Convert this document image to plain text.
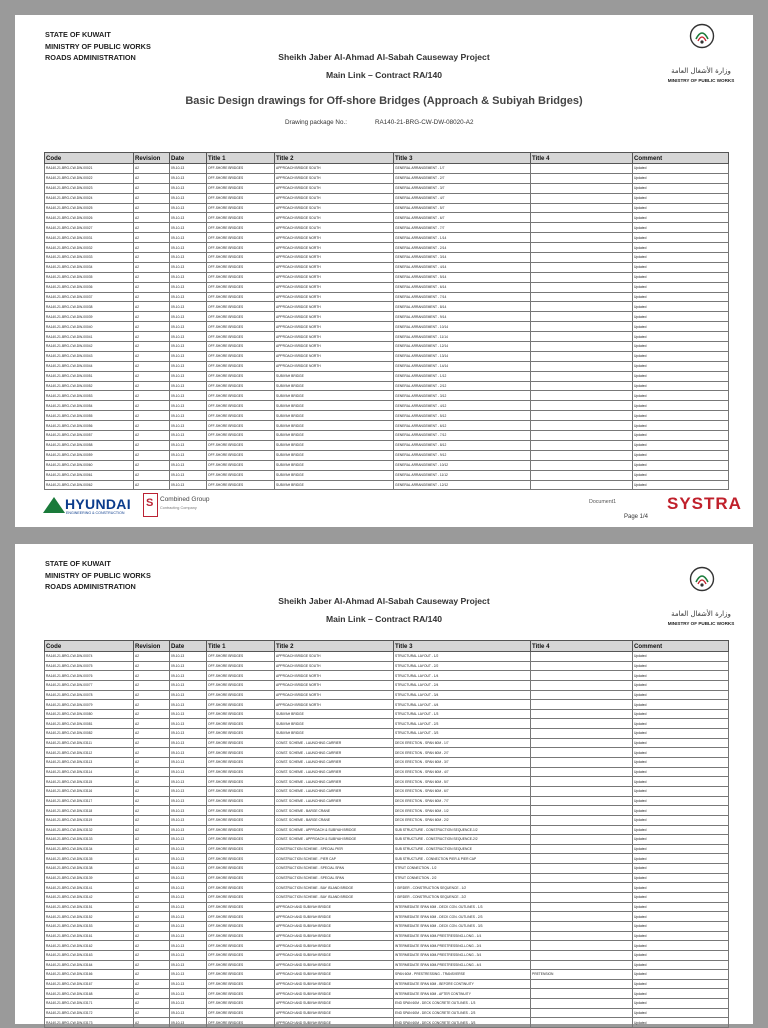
STATE OF KUWAIT
MINISTRY OF PUBLIC WORKS
ROADS ADMINISTRATION	Sheikh Jaber Al-Ahmad Al-Sabah Causeway Project
Main Link – Contract RA/140	وزارة الأشغال العامة
MINISTRY OF PUBLIC WORKS
Basic Design drawings for Off-shore Bridges (Approach & Subiyah Bridges)
Drawing package No.:	RA140-21-BRG-CW-DW-08020-A2
Code	Revision	Date	Title 1	Title 2	Title 3	Title 4	Comment
RA140-21-BRG-CW-DW-00021	A2	09-10-13	OFF-SHORE BRIDGES	APPROACH BRIDGE SOUTH	GENERAL ARRANGEMENT - 1/7		Updated
RA140-21-BRG-CW-DW-00022	A2	09-10-13	OFF-SHORE BRIDGES	APPROACH BRIDGE SOUTH	GENERAL ARRANGEMENT - 2/7		Updated
RA140-21-BRG-CW-DW-00023	A2	09-10-13	OFF-SHORE BRIDGES	APPROACH BRIDGE SOUTH	GENERAL ARRANGEMENT - 3/7		Updated
RA140-21-BRG-CW-DW-00024	A2	09-10-13	OFF-SHORE BRIDGES	APPROACH BRIDGE SOUTH	GENERAL ARRANGEMENT - 4/7		Updated
RA140-21-BRG-CW-DW-00025	A2	09-10-13	OFF-SHORE BRIDGES	APPROACH BRIDGE SOUTH	GENERAL ARRANGEMENT - 5/7		Updated
RA140-21-BRG-CW-DW-00026	A2	09-10-13	OFF-SHORE BRIDGES	APPROACH BRIDGE SOUTH	GENERAL ARRANGEMENT - 6/7		Updated
RA140-21-BRG-CW-DW-00027	A2	09-10-13	OFF-SHORE BRIDGES	APPROACH BRIDGE SOUTH	GENERAL ARRANGEMENT - 7/7		Updated
RA140-21-BRG-CW-DW-00031	A2	09-10-13	OFF-SHORE BRIDGES	APPROACH BRIDGE NORTH	GENERAL ARRANGEMENT - 1/14		Updated
RA140-21-BRG-CW-DW-00032	A2	09-10-13	OFF-SHORE BRIDGES	APPROACH BRIDGE NORTH	GENERAL ARRANGEMENT - 2/14		Updated
RA140-21-BRG-CW-DW-00033	A2	09-10-13	OFF-SHORE BRIDGES	APPROACH BRIDGE NORTH	GENERAL ARRANGEMENT - 3/14		Updated
RA140-21-BRG-CW-DW-00034	A2	09-10-13	OFF-SHORE BRIDGES	APPROACH BRIDGE NORTH	GENERAL ARRANGEMENT - 4/14		Updated
RA140-21-BRG-CW-DW-00035	A2	09-10-13	OFF-SHORE BRIDGES	APPROACH BRIDGE NORTH	GENERAL ARRANGEMENT - 5/14		Updated
RA140-21-BRG-CW-DW-00036	A2	09-10-13	OFF-SHORE BRIDGES	APPROACH BRIDGE NORTH	GENERAL ARRANGEMENT - 6/14		Updated
RA140-21-BRG-CW-DW-00037	A2	09-10-13	OFF-SHORE BRIDGES	APPROACH BRIDGE NORTH	GENERAL ARRANGEMENT - 7/14		Updated
RA140-21-BRG-CW-DW-00038	A2	09-10-13	OFF-SHORE BRIDGES	APPROACH BRIDGE NORTH	GENERAL ARRANGEMENT - 8/14		Updated
RA140-21-BRG-CW-DW-00039	A2	09-10-13	OFF-SHORE BRIDGES	APPROACH BRIDGE NORTH	GENERAL ARRANGEMENT - 9/14		Updated
RA140-21-BRG-CW-DW-00040	A2	09-10-13	OFF-SHORE BRIDGES	APPROACH BRIDGE NORTH	GENERAL ARRANGEMENT - 10/14		Updated
RA140-21-BRG-CW-DW-00041	A2	09-10-13	OFF-SHORE BRIDGES	APPROACH BRIDGE NORTH	GENERAL ARRANGEMENT - 11/14		Updated
RA140-21-BRG-CW-DW-00042	A2	09-10-13	OFF-SHORE BRIDGES	APPROACH BRIDGE NORTH	GENERAL ARRANGEMENT - 12/14		Updated
RA140-21-BRG-CW-DW-00043	A2	09-10-13	OFF-SHORE BRIDGES	APPROACH BRIDGE NORTH	GENERAL ARRANGEMENT - 13/14		Updated
RA140-21-BRG-CW-DW-00044	A2	09-10-13	OFF-SHORE BRIDGES	APPROACH BRIDGE NORTH	GENERAL ARRANGEMENT - 14/14		Updated
RA140-21-BRG-CW-DW-00051	A2	09-10-13	OFF-SHORE BRIDGES	SUBIYAH BRIDGE	GENERAL ARRANGEMENT - 1/12		Updated
RA140-21-BRG-CW-DW-00052	A2	09-10-13	OFF-SHORE BRIDGES	SUBIYAH BRIDGE	GENERAL ARRANGEMENT - 2/12		Updated
RA140-21-BRG-CW-DW-00053	A2	09-10-13	OFF-SHORE BRIDGES	SUBIYAH BRIDGE	GENERAL ARRANGEMENT - 3/12		Updated
RA140-21-BRG-CW-DW-00054	A2	09-10-13	OFF-SHORE BRIDGES	SUBIYAH BRIDGE	GENERAL ARRANGEMENT - 4/12		Updated
RA140-21-BRG-CW-DW-00055	A2	09-10-13	OFF-SHORE BRIDGES	SUBIYAH BRIDGE	GENERAL ARRANGEMENT - 5/12		Updated
RA140-21-BRG-CW-DW-00056	A2	09-10-13	OFF-SHORE BRIDGES	SUBIYAH BRIDGE	GENERAL ARRANGEMENT - 6/12		Updated
RA140-21-BRG-CW-DW-00057	A2	09-10-13	OFF-SHORE BRIDGES	SUBIYAH BRIDGE	GENERAL ARRANGEMENT - 7/12		Updated
RA140-21-BRG-CW-DW-00058	A2	09-10-13	OFF-SHORE BRIDGES	SUBIYAH BRIDGE	GENERAL ARRANGEMENT - 8/12		Updated
RA140-21-BRG-CW-DW-00059	A2	09-10-13	OFF-SHORE BRIDGES	SUBIYAH BRIDGE	GENERAL ARRANGEMENT - 9/12		Updated
RA140-21-BRG-CW-DW-00060	A2	09-10-13	OFF-SHORE BRIDGES	SUBIYAH BRIDGE	GENERAL ARRANGEMENT - 10/12		Updated
RA140-21-BRG-CW-DW-00061	A2	09-10-13	OFF-SHORE BRIDGES	SUBIYAH BRIDGE	GENERAL ARRANGEMENT - 11/12		Updated
RA140-21-BRG-CW-DW-00062	A2	09-10-13	OFF-SHORE BRIDGES	SUBIYAH BRIDGE	GENERAL ARRANGEMENT - 12/12		Updated
HYUNDAI
ENGINEERING & CONSTRUCTION
S Combined Group
Contracting Company
Document1
Page 1/4
SYSTRA
STATE OF KUWAIT
MINISTRY OF PUBLIC WORKS
ROADS ADMINISTRATION
Sheikh Jaber Al-Ahmad Al-Sabah Causeway Project
Main Link – Contract RA/140	وزارة الأشغال العامة
MINISTRY OF PUBLIC WORKS
Code	Revision	Date	Title 1	Title 2	Title 3	Title 4	Comment
RA140-21-BRG-CW-DW-00074	A2	09-10-13	OFF-SHORE BRIDGES	APPROACH BRIDGE SOUTH	STRUCTURAL LAYOUT - 1/2		Updated
RA140-21-BRG-CW-DW-00075	A2	09-10-13	OFF-SHORE BRIDGES	APPROACH BRIDGE SOUTH	STRUCTURAL LAYOUT - 2/2		Updated
RA140-21-BRG-CW-DW-00076	A2	09-10-13	OFF-SHORE BRIDGES	APPROACH BRIDGE NORTH	STRUCTURAL LAYOUT - 1/4		Updated
RA140-21-BRG-CW-DW-00077	A2	09-10-13	OFF-SHORE BRIDGES	APPROACH BRIDGE NORTH	STRUCTURAL LAYOUT - 2/4		Updated
RA140-21-BRG-CW-DW-00078	A2	09-10-13	OFF-SHORE BRIDGES	APPROACH BRIDGE NORTH	STRUCTURAL LAYOUT - 3/4		Updated
RA140-21-BRG-CW-DW-00079	A2	09-10-13	OFF-SHORE BRIDGES	APPROACH BRIDGE NORTH	STRUCTURAL LAYOUT - 4/4		Updated
RA140-21-BRG-CW-DW-00080	A2	09-10-13	OFF-SHORE BRIDGES	SUBIYAH BRIDGE	STRUCTURAL LAYOUT - 1/3		Updated
RA140-21-BRG-CW-DW-00081	A2	09-10-13	OFF-SHORE BRIDGES	SUBIYAH BRIDGE	STRUCTURAL LAYOUT - 2/3		Updated
RA140-21-BRG-CW-DW-00082	A2	09-10-13	OFF-SHORE BRIDGES	SUBIYAH BRIDGE	STRUCTURAL LAYOUT - 3/3		Updated
RA140-21-BRG-CW-DW-03111	A2	09-10-13	OFF-SHORE BRIDGES	CONST. SCHEME - LAUNCHING CARRIER	DECK ERECTION - SPAN 60M - 1/7		Updated
RA140-21-BRG-CW-DW-03112	A2	09-10-13	OFF-SHORE BRIDGES	CONST. SCHEME - LAUNCHING CARRIER	DECK ERECTION - SPAN 60M - 2/7		Updated
RA140-21-BRG-CW-DW-03113	A2	09-10-13	OFF-SHORE BRIDGES	CONST. SCHEME - LAUNCHING CARRIER	DECK ERECTION - SPAN 60M - 3/7		Updated
RA140-21-BRG-CW-DW-03114	A2	09-10-13	OFF-SHORE BRIDGES	CONST. SCHEME - LAUNCHING CARRIER	DECK ERECTION - SPAN 60M - 4/7		Updated
RA140-21-BRG-CW-DW-03115	A2	09-10-13	OFF-SHORE BRIDGES	CONST. SCHEME - LAUNCHING CARRIER	DECK ERECTION - SPAN 60M - 5/7		Updated
RA140-21-BRG-CW-DW-03116	A2	09-10-13	OFF-SHORE BRIDGES	CONST. SCHEME - LAUNCHING CARRIER	DECK ERECTION - SPAN 60M - 6/7		Updated
RA140-21-BRG-CW-DW-03117	A2	09-10-13	OFF-SHORE BRIDGES	CONST. SCHEME - LAUNCHING CARRIER	DECK ERECTION - SPAN 60M - 7/7		Updated
RA140-21-BRG-CW-DW-03118	A2	09-10-13	OFF-SHORE BRIDGES	CONST. SCHEME - BARGE CRANE	DECK ERECTION - SPAN 60M - 1/2		Updated
RA140-21-BRG-CW-DW-03119	A2	09-10-13	OFF-SHORE BRIDGES	CONST. SCHEME - BARGE CRANE	DECK ERECTION - SPAN 60M - 2/2		Updated
RA140-21-BRG-CW-DW-03132	A2	09-10-13	OFF-SHORE BRIDGES	CONST. SCHEME - APPROACH & SUBIYAH BRIDGE	SUB STRUCTURE - CONSTRUCTION SEQUENCE-1/2		Updated
RA140-21-BRG-CW-DW-03133	A2	09-10-13	OFF-SHORE BRIDGES	CONST. SCHEME - APPROACH & SUBIYAH BRIDGE	SUB STRUCTURE - CONSTRUCTION SEQUENCE-2/2		Updated
RA140-21-BRG-CW-DW-03134	A2	09-10-13	OFF-SHORE BRIDGES	CONSTRUCTION SCHEME - SPECIAL PIER	SUB STRUCTURE - CONSTRUCTION SEQUENCE		Updated
RA140-21-BRG-CW-DW-03135	A1	09-10-13	OFF-SHORE BRIDGES	CONSTRUCTION SCHEME - PIER CAP	SUB STRUCTURE - CONNECTION PIER & PIER CAP		Updated
RA140-21-BRG-CW-DW-03138	A2	09-10-13	OFF-SHORE BRIDGES	CONSTRUCTION SCHEME - SPECIAL SPAN	STRUT CONNECTION - 1/2		Updated
RA140-21-BRG-CW-DW-03139	A2	09-10-13	OFF-SHORE BRIDGES	CONSTRUCTION SCHEME - SPECIAL SPAN	STRUT CONNECTION - 2/2		Updated
RA140-21-BRG-CW-DW-03141	A2	09-10-13	OFF-SHORE BRIDGES	CONSTRUCTION SCHEME - BAY ISLAND BRIDGE	I GIRDER - CONSTRUCTION SEQUENCE - 1/2		Updated
RA140-21-BRG-CW-DW-03142	A2	09-10-13	OFF-SHORE BRIDGES	CONSTRUCTION SCHEME - BAY ISLAND BRIDGE	I GIRDER - CONSTRUCTION SEQUENCE - 2/2		Updated
RA140-21-BRG-CW-DW-03151	A2	09-10-13	OFF-SHORE BRIDGES	APPROACH AND SUBIYAH BRIDGE	INTERMEDIATE SPAN 60M - DECK CON. OUTLINES - 1/3		Updated
RA140-21-BRG-CW-DW-03152	A2	09-10-13	OFF-SHORE BRIDGES	APPROACH AND SUBIYAH BRIDGE	INTERMEDIATE SPAN 60M - DECK CON. OUTLINES - 2/3		Updated
RA140-21-BRG-CW-DW-03153	A2	09-10-13	OFF-SHORE BRIDGES	APPROACH AND SUBIYAH BRIDGE	INTERMEDIATE SPAN 60M - DECK CON. OUTLINES - 3/3		Updated
RA140-21-BRG-CW-DW-03161	A2	09-10-13	OFF-SHORE BRIDGES	APPROACH AND SUBIYAH BRIDGE	INTERMEDIATE SPAN 60M-PRESTRESSING-LONG - 1/4		Updated
RA140-21-BRG-CW-DW-03162	A2	09-10-13	OFF-SHORE BRIDGES	APPROACH AND SUBIYAH BRIDGE	INTERMEDIATE SPAN 60M-PRESTRESSING-LONG - 2/4		Updated
RA140-21-BRG-CW-DW-03163	A2	09-10-13	OFF-SHORE BRIDGES	APPROACH AND SUBIYAH BRIDGE	INTERMEDIATE SPAN 60M-PRESTRESSING-LONG - 3/4		Updated
RA140-21-BRG-CW-DW-03164	A2	09-10-13	OFF-SHORE BRIDGES	APPROACH AND SUBIYAH BRIDGE	INTERMEDIATE SPAN 60M-PRESTRESSING-LONG - 4/4		Updated
RA140-21-BRG-CW-DW-03166	A2	09-10-13	OFF-SHORE BRIDGES	APPROACH AND SUBIYAH BRIDGE	SPAN 60M - PRESTRESSING - TRANSVERSE	PRETENSION	Updated
RA140-21-BRG-CW-DW-03167	A2	09-10-13	OFF-SHORE BRIDGES	APPROACH AND SUBIYAH BRIDGE	INTERMEDIATE SPAN 60M - BEFORE CONTINUITY		Updated
RA140-21-BRG-CW-DW-03168	A2	09-10-13	OFF-SHORE BRIDGES	APPROACH AND SUBIYAH BRIDGE	INTERMEDIATE SPAN 60M - AFTER CONTINUITY		Updated
RA140-21-BRG-CW-DW-03171	A2	09-10-13	OFF-SHORE BRIDGES	APPROACH AND SUBIYAH BRIDGE	END SPAN 60M - DECK CONCRETE OUTLINES - 1/3		Updated
RA140-21-BRG-CW-DW-03172	A2	09-10-13	OFF-SHORE BRIDGES	APPROACH AND SUBIYAH BRIDGE	END SPAN 60M - DECK CONCRETE OUTLINES - 2/3		Updated
RA140-21-BRG-CW-DW-03173	A2	09-10-13	OFF-SHORE BRIDGES	APPROACH AND SUBIYAH BRIDGE	END SPAN 60M - DECK CONCRETE OUTLINES - 3/3		Updated
